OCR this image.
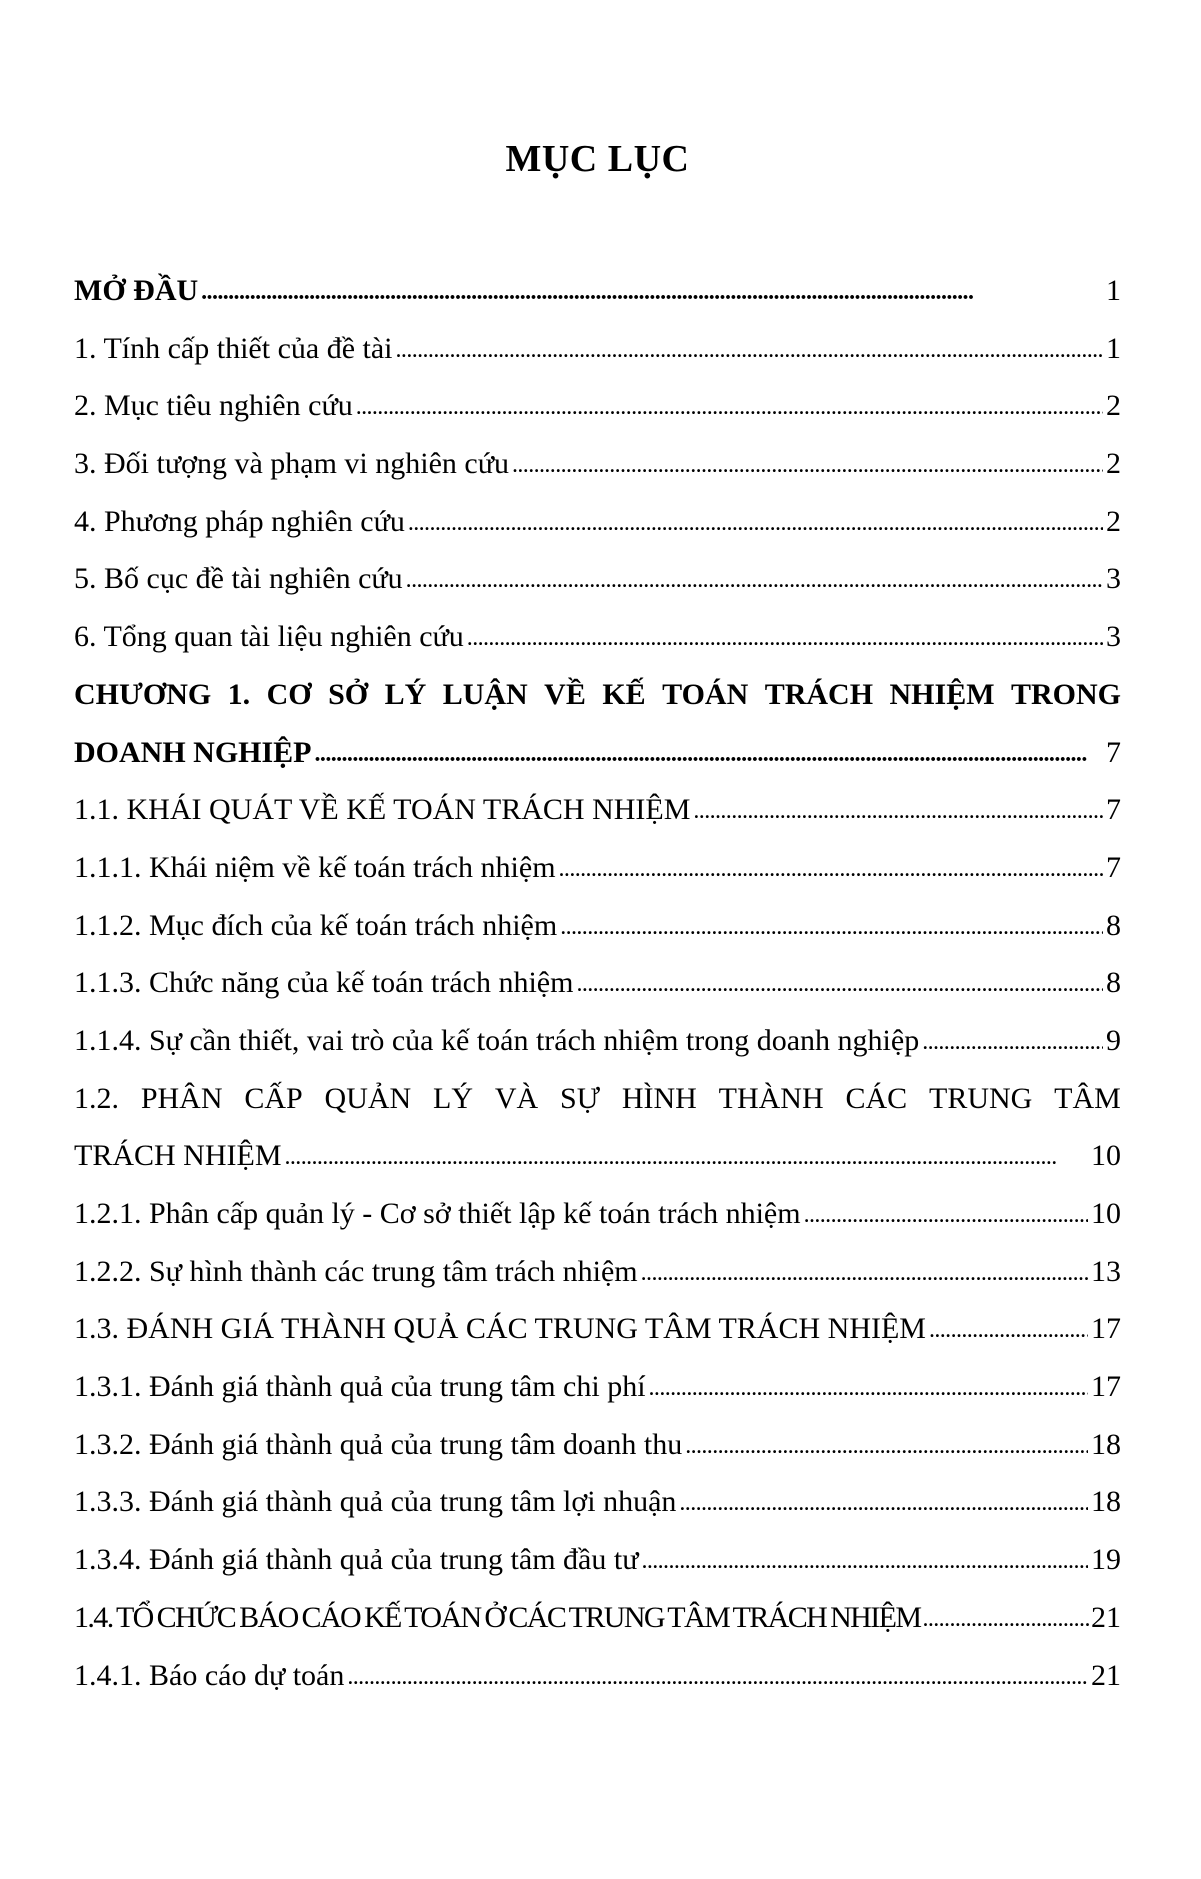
MỤC LỤC
MỞ ĐẦU . . .	1
1. Tính cấp thiết của đề tài . . .	1
2. Mục tiêu nghiên cứu . . .	2
3. Đối tượng và phạm vi nghiên cứu . . .	2
4. Phương pháp nghiên cứu . . .	2
5. Bố cục đề tài nghiên cứu . . .	3
6. Tổng quan tài liệu nghiên cứu . . .	3
CHƯƠNG 1. CƠ SỞ LÝ LUẬN VỀ KẾ TOÁN TRÁCH NHIỆM TRONG
DOANH NGHIỆP . . .	7
1.1. KHÁI QUÁT VỀ KẾ TOÁN TRÁCH NHIỆM . . .	7
1.1.1. Khái niệm về kế toán trách nhiệm . . .	7
1.1.2. Mục đích của kế toán trách nhiệm . . .	8
1.1.3. Chức năng của kế toán trách nhiệm . . .	8
1.1.4. Sự cần thiết, vai trò của kế toán trách nhiệm trong doanh nghiệp . . .	9
1.2. PHÂN CẤP QUẢN LÝ VÀ SỰ HÌNH THÀNH CÁC TRUNG TÂM
TRÁCH NHIỆM . . .	10
1.2.1. Phân cấp quản lý - Cơ sở thiết lập kế toán trách nhiệm . . .	10
1.2.2. Sự hình thành các trung tâm trách nhiệm . . .	13
1.3. ĐÁNH GIÁ THÀNH QUẢ CÁC TRUNG TÂM TRÁCH NHIỆM . . .	17
1.3.1. Đánh giá thành quả của trung tâm chi phí . . .	17
1.3.2. Đánh giá thành quả của trung tâm doanh thu . . .	18
1.3.3. Đánh giá thành quả của trung tâm lợi nhuận . . .	18
1.3.4. Đánh giá thành quả của trung tâm đầu tư . . .	19
1.4. TỔ CHỨC BÁO CÁO KẾ TOÁN Ở CÁC TRUNG TÂM TRÁCH NHIỆM . . .	21
1.4.1. Báo cáo dự toán . . .	21
